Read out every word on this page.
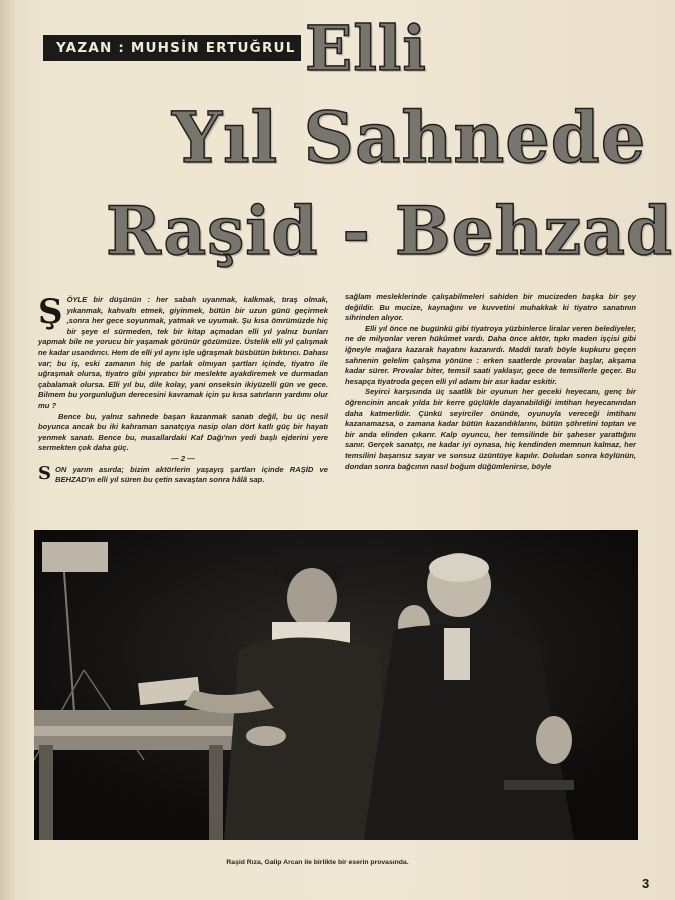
YAZAN : MUHSİN ERTUĞRUL Elli
Yıl Sahnede
Raşid - Behzad

ŞÖYLE bir düşünün : her sabah uyanmak, kalkmak, tıraş olmak, yıkanmak, kahvaltı etmek, giyinmek, bütün bir uzun günü geçirmek ,sonra her gece soyunmak, yatmak ve uyumak. Şu kısa ömrümüzde hiç bir şeye el sürmeden, tek bir kitap açmadan elli yıl yalnız bunları yapmak bile ne yorucu bir yaşamak görünür gözümüze. Üstelik elli yıl çalışmak ne kadar usandırıcı. Hem de elli yıl aynı işle uğraşmak büsbütün bıktırıcı. Dahası var; bu iş, eski zamanın hiç de parlak olmıyan şartları içinde, tiyatro ile uğraşmak olursa, tiyatro gibi yıpratıcı bir meslekte ayakdiremek ve durmadan çabalamak olursa. Elli yıl bu, dile kolay, yani onseksin ikiyüzelli gün ve gece. Bilmem bu yorgunluğun derecesini kavramak için şu kısa satırların yardımı olur mu ?

Bence bu, yalnız sahnede başarı kazanmak sanatı değil, bu üç nesil boyunca ancak bu iki kahraman sanatçıya nasip olan dört katlı güç bir hayatı yenmek sanatı. Bence bu, masallardaki Kaf Dağı'nın yedi başlı ejderini yere sermekten çok daha güç.

— 2 —

SON yarım asırda; bizim aktörlerin yaşayış şartları içinde RAŞİD ve BEHZAD'ın elli yıl süren bu çetin savaştan sonra hâlâ sap.

sağlam mesleklerinde çalışabilmeleri sahiden bir mucizeden başka bir şey değildir. Bu mucize, kaynağını ve kuvvetini muhakkak ki tiyatro sanatının sihrinden alıyor.

Elli yıl önce ne bugünkü gibi tiyatroya yüzbinlerce liralar veren belediyeler, ne de milyonlar veren hükûmet vardı. Daha önce aktör, tıpkı maden işçisi gibi iğneyle mağara kazarak hayatını kazanırdı. Maddi tarafı böyle kupkuru geçen sahnenin gelelim çalışma yönüne : erken saatlerde provalar başlar, akşama kadar sürer. Provalar biter, temsil saati yaklaşır, gece de temsillerle geçer. Bu hesapça tiyatroda geçen elli yıl adamı bir asır kadar eskitir.

Seyirci karşısında üç saatlik bir oyunun her geceki heyecanı, genç bir öğrencinin ancak yılda bir kerre güçlükle dayanabildiği imtihan heyecanından daha katmerlidir. Çünkü seyirciler önünde, oyunuyla vereceği imtihanı kazanamazsa, o zamana kadar bütün kazandıklarını, bütün şöhretini toptan ve bir anda elinden çıkarır. Kalp oyuncu, her temsilinde bir şaheser yarattığını sanır. Gerçek sanatçı, ne kadar iyi oynasa, hiç kendinden memnun kalmaz, her temsilini başarısız sayar ve sonsuz üzüntüye kapılır. Doludan sonra köylünün, dondan sonra bağcının nasıl boğum düğümlenirse, böyle

Raşid Rıza, Galip Arcan ile birlikte bir eserin provasında.
3
